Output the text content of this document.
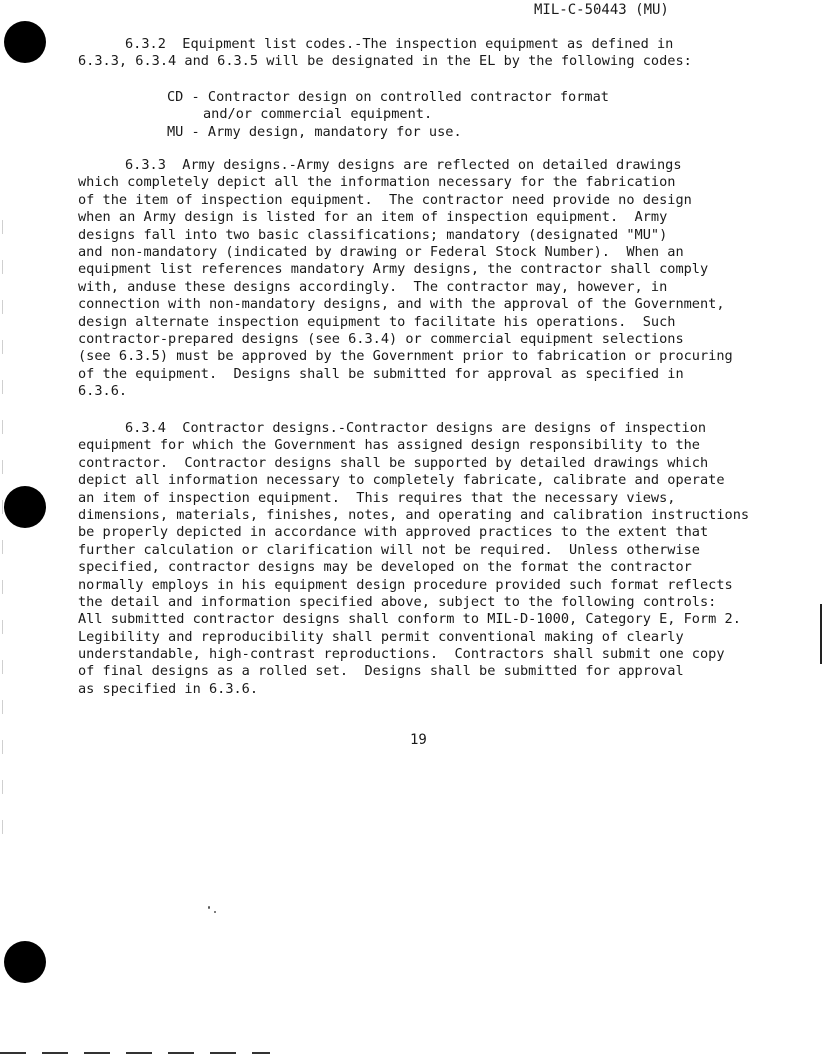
MIL-C-50443 (MU)
6.3.2  Equipment list codes.-The inspection equipment as defined in
6.3.3, 6.3.4 and 6.3.5 will be designated in the EL by the following codes:
CD - Contractor design on controlled contractor format
and/or commercial equipment.
MU - Army design, mandatory for use.
6.3.3  Army designs.-Army designs are reflected on detailed drawings
which completely depict all the information necessary for the fabrication
of the item of inspection equipment.  The contractor need provide no design
when an Army design is listed for an item of inspection equipment.  Army
designs fall into two basic classifications; mandatory (designated "MU")
and non-mandatory (indicated by drawing or Federal Stock Number).  When an
equipment list references mandatory Army designs, the contractor shall comply
with, anduse these designs accordingly.  The contractor may, however, in
connection with non-mandatory designs, and with the approval of the Government,
design alternate inspection equipment to facilitate his operations.  Such
contractor-prepared designs (see 6.3.4) or commercial equipment selections
(see 6.3.5) must be approved by the Government prior to fabrication or procuring
of the equipment.  Designs shall be submitted for approval as specified in
6.3.6.
6.3.4  Contractor designs.-Contractor designs are designs of inspection
equipment for which the Government has assigned design responsibility to the
contractor.  Contractor designs shall be supported by detailed drawings which
depict all information necessary to completely fabricate, calibrate and operate
an item of inspection equipment.  This requires that the necessary views,
dimensions, materials, finishes, notes, and operating and calibration instructions
be properly depicted in accordance with approved practices to the extent that
further calculation or clarification will not be required.  Unless otherwise
specified, contractor designs may be developed on the format the contractor
normally employs in his equipment design procedure provided such format reflects
the detail and information specified above, subject to the following controls:
All submitted contractor designs shall conform to MIL-D-1000, Category E, Form 2.
Legibility and reproducibility shall permit conventional making of clearly
understandable, high-contrast reproductions.  Contractors shall submit one copy
of final designs as a rolled set.  Designs shall be submitted for approval
as specified in 6.3.6.
19
